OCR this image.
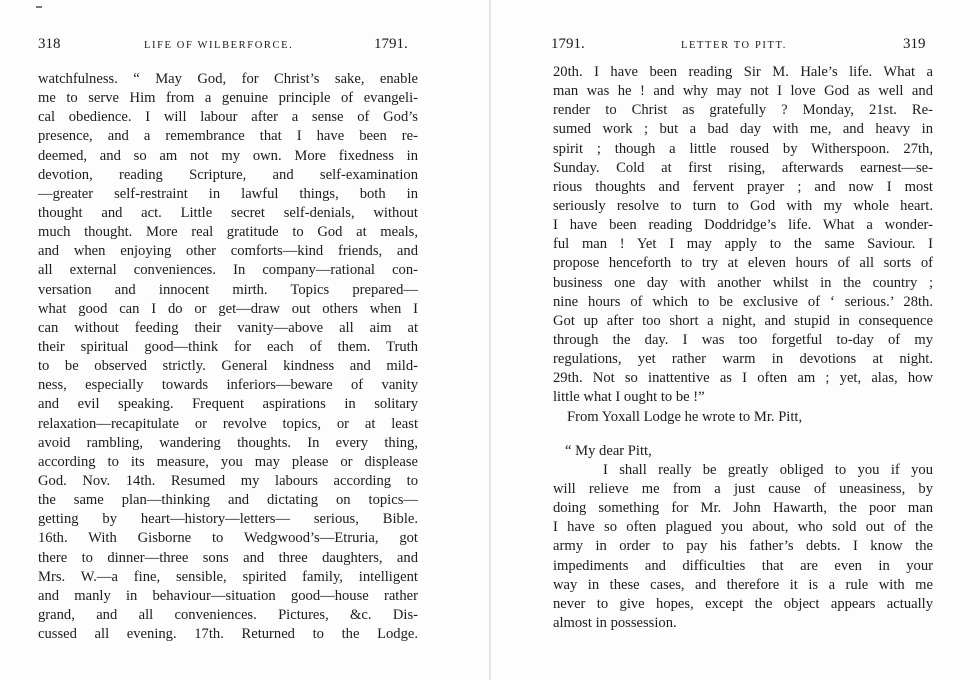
318	LIFE OF WILBERFORCE.	1791.
watchfulness. “ May God, for Christ’s sake, enable
me to serve Him from a genuine principle of evangeli-
cal obedience. I will labour after a sense of God’s
presence, and a remembrance that I have been re-
deemed, and so am not my own. More fixedness in
devotion, reading Scripture, and self-examination
—greater self-restraint in lawful things, both in
thought and act. Little secret self-denials, without
much thought. More real gratitude to God at meals,
and when enjoying other comforts—kind friends, and
all external conveniences. In company—rational con-
versation and innocent mirth. Topics prepared—
what good can I do or get—draw out others when I
can without feeding their vanity—above all aim at
their spiritual good—think for each of them. Truth
to be observed strictly. General kindness and mild-
ness, especially towards inferiors—beware of vanity
and evil speaking. Frequent aspirations in solitary
relaxation—recapitulate or revolve topics, or at least
avoid rambling, wandering thoughts. In every thing,
according to its measure, you may please or displease
God. Nov. 14th. Resumed my labours according to
the same plan—thinking and dictating on topics—
getting by heart—history—letters— serious, Bible.
16th. With Gisborne to Wedgwood’s—Etruria, got
there to dinner—three sons and three daughters, and
Mrs. W.—a fine, sensible, spirited family, intelligent
and manly in behaviour—situation good—house rather
grand, and all conveniences. Pictures, &c. Dis-
cussed all evening. 17th. Returned to the Lodge.
1791.	LETTER TO PITT.	319
20th. I have been reading Sir M. Hale’s life. What a
man was he ! and why may not I love God as well and
render to Christ as gratefully ? Monday, 21st. Re-
sumed work ; but a bad day with me, and heavy in
spirit ; though a little roused by Witherspoon. 27th,
Sunday. Cold at first rising, afterwards earnest—se-
rious thoughts and fervent prayer ; and now I most
seriously resolve to turn to God with my whole heart.
I have been reading Doddridge’s life. What a wonder-
ful man ! Yet I may apply to the same Saviour. I
propose henceforth to try at eleven hours of all sorts of
business one day with another whilst in the country ;
nine hours of which to be exclusive of ‘ serious.’ 28th.
Got up after too short a night, and stupid in consequence
through the day. I was too forgetful to-day of my
regulations, yet rather warm in devotions at night.
29th. Not so inattentive as I often am ; yet, alas, how
little what I ought to be !”
From Yoxall Lodge he wrote to Mr. Pitt,
“ My dear Pitt,
I shall really be greatly obliged to you if you
will relieve me from a just cause of uneasiness, by
doing something for Mr. John Hawarth, the poor man
I have so often plagued you about, who sold out of the
army in order to pay his father’s debts. I know the
impediments and difficulties that are even in your
way in these cases, and therefore it is a rule with me
never to give hopes, except the object appears actually
almost in possession.
